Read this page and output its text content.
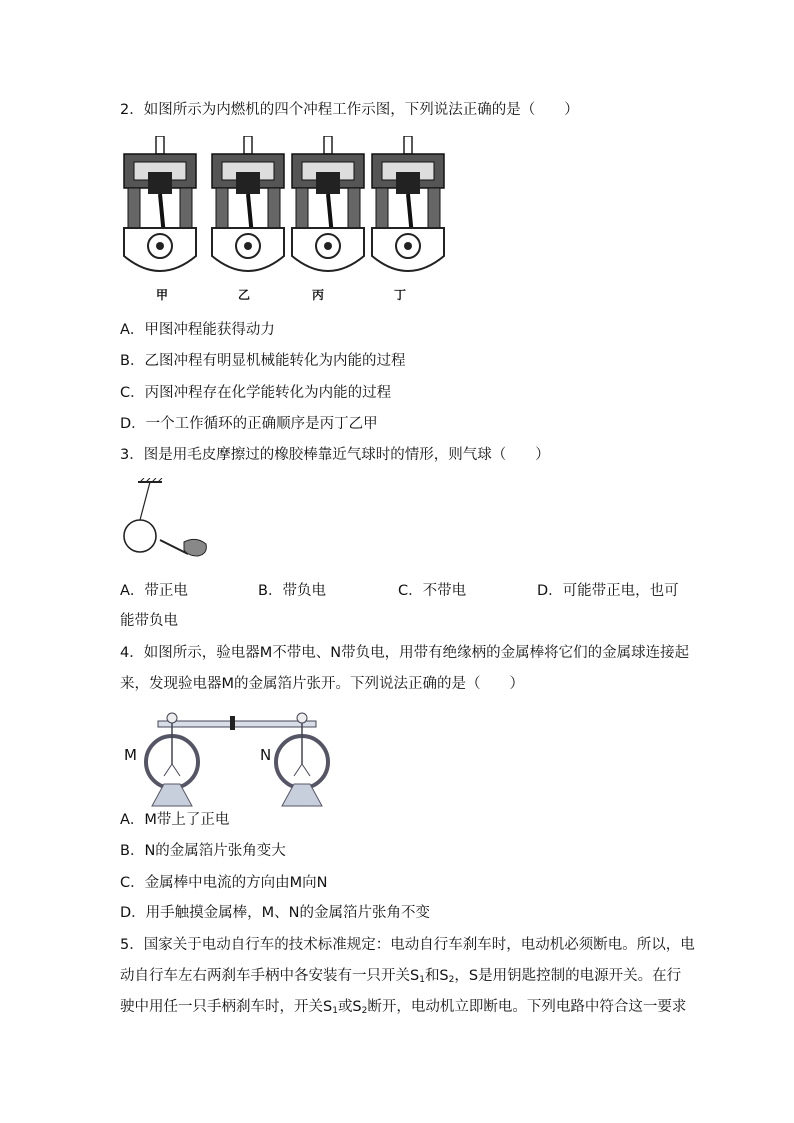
2．如图所示为内燃机的四个冲程工作示图，下列说法正确的是（　　）
甲	乙	丙	丁
A．甲图冲程能获得动力
B．乙图冲程有明显机械能转化为内能的过程
C．丙图冲程存在化学能转化为内能的过程
D．一个工作循环的正确顺序是丙丁乙甲
3．图是用毛皮摩擦过的橡胶棒靠近气球时的情形，则气球（　　）
A．带正电	B．带负电	C．不带电	D．可能带正电，也可
能带负电
4．如图所示，验电器M不带电、N带负电，用带有绝缘柄的金属棒将它们的金属球连接起
来，发现验电器M的金属箔片张开。下列说法正确的是（　　）
M	N
A．M带上了正电
B．N的金属箔片张角变大
C．金属棒中电流的方向由M向N
D．用手触摸金属棒，M、N的金属箔片张角不变
5．国家关于电动自行车的技术标准规定：电动自行车刹车时，电动机必须断电。所以，电
动自行车左右两刹车手柄中各安装有一只开关$S_1$和$S_2$，S是用钥匙控制的电源开关。在行
驶中用任一只手柄刹车时，开关$S_1$或$S_2$断开，电动机立即断电。下列电路中符合这一要求
